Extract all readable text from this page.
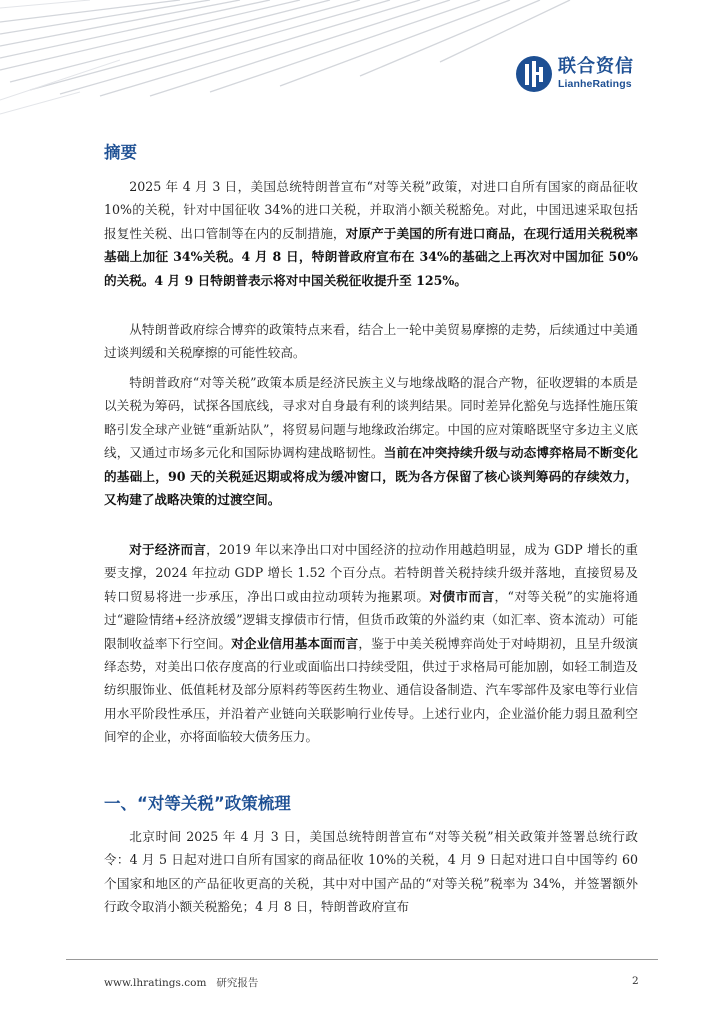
联合资信
LianheRatings
摘要

2025 年 4 月 3 日，美国总统特朗普宣布“对等关税”政策，对进口自所有国家的商品征收 10%的关税，针对中国征收 34%的进口关税，并取消小额关税豁免。对此，中国迅速采取包括报复性关税、出口管制等在内的反制措施，对原产于美国的所有进口商品，在现行适用关税税率基础上加征 34%关税。4 月 8 日，特朗普政府宣布在 34%的基础之上再次对中国加征 50%的关税。4 月 9 日特朗普表示将对中国关税征收提升至 125%。

从特朗普政府综合博弈的政策特点来看，结合上一轮中美贸易摩擦的走势，后续通过中美通过谈判缓和关税摩擦的可能性较高。

特朗普政府“对等关税”政策本质是经济民族主义与地缘战略的混合产物，征收逻辑的本质是以关税为筹码，试探各国底线，寻求对自身最有利的谈判结果。同时差异化豁免与选择性施压策略引发全球产业链“重新站队”，将贸易问题与地缘政治绑定。中国的应对策略既坚守多边主义底线，又通过市场多元化和国际协调构建战略韧性。当前在冲突持续升级与动态博弈格局不断变化的基础上，90 天的关税延迟期或将成为缓冲窗口，既为各方保留了核心谈判筹码的存续效力，又构建了战略决策的过渡空间。

对于经济而言，2019 年以来净出口对中国经济的拉动作用越趋明显，成为 GDP 增长的重要支撑，2024 年拉动 GDP 增长 1.52 个百分点。若特朗普关税持续升级并落地，直接贸易及转口贸易将进一步承压，净出口或由拉动项转为拖累项。对债市而言，“对等关税”的实施将通过“避险情绪+经济放缓”逻辑支撑债市行情，但货币政策的外溢约束（如汇率、资本流动）可能限制收益率下行空间。对企业信用基本面而言，鉴于中美关税博弈尚处于对峙期初，且呈升级演绎态势，对美出口依存度高的行业或面临出口持续受阻，供过于求格局可能加剧，如轻工制造及纺织服饰业、低值耗材及部分原料药等医药生物业、通信设备制造、汽车零部件及家电等行业信用水平阶段性承压，并沿着产业链向关联影响行业传导。上述行业内，企业溢价能力弱且盈利空间窄的企业，亦将面临较大债务压力。

一、“对等关税”政策梳理

北京时间 2025 年 4 月 3 日，美国总统特朗普宣布“对等关税”相关政策并签署总统行政令：4 月 5 日起对进口自所有国家的商品征收 10%的关税，4 月 9 日起对进口自中国等约 60 个国家和地区的产品征收更高的关税，其中对中国产品的“对等关税”税率为 34%，并签署额外行政令取消小额关税豁免；4 月 8 日，特朗普政府宣布

www.lhratings.com 研究报告	2
